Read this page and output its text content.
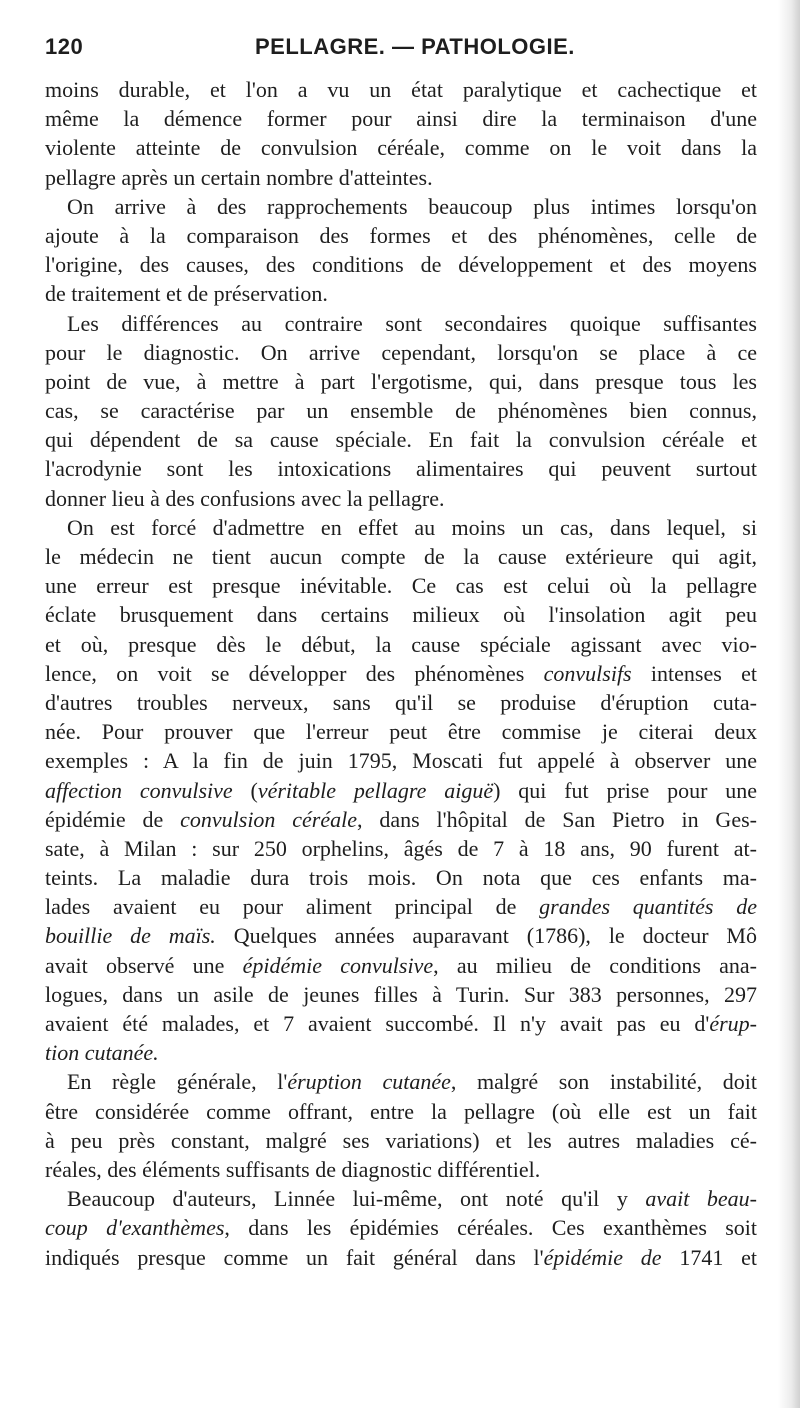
120	PELLAGRE. — PATHOLOGIE.
moins durable, et l'on a vu un état paralytique et cachectique et
même la démence former pour ainsi dire la terminaison d'une
violente atteinte de convulsion céréale, comme on le voit dans la
pellagre après un certain nombre d'atteintes.
On arrive à des rapprochements beaucoup plus intimes lorsqu'on
ajoute à la comparaison des formes et des phénomènes, celle de
l'origine, des causes, des conditions de développement et des moyens
de traitement et de préservation.
Les différences au contraire sont secondaires quoique suffisantes
pour le diagnostic. On arrive cependant, lorsqu'on se place à ce
point de vue, à mettre à part l'ergotisme, qui, dans presque tous les
cas, se caractérise par un ensemble de phénomènes bien connus,
qui dépendent de sa cause spéciale. En fait la convulsion céréale et
l'acrodynie sont les intoxications alimentaires qui peuvent surtout
donner lieu à des confusions avec la pellagre.
On est forcé d'admettre en effet au moins un cas, dans lequel, si
le médecin ne tient aucun compte de la cause extérieure qui agit,
une erreur est presque inévitable. Ce cas est celui où la pellagre
éclate brusquement dans certains milieux où l'insolation agit peu
et où, presque dès le début, la cause spéciale agissant avec vio-
lence, on voit se développer des phénomènes convulsifs intenses et
d'autres troubles nerveux, sans qu'il se produise d'éruption cuta-
née. Pour prouver que l'erreur peut être commise je citerai deux
exemples : A la fin de juin 1795, Moscati fut appelé à observer une
affection convulsive (véritable pellagre aiguë) qui fut prise pour une
épidémie de convulsion céréale, dans l'hôpital de San Pietro in Ges-
sate, à Milan : sur 250 orphelins, âgés de 7 à 18 ans, 90 furent at-
teints. La maladie dura trois mois. On nota que ces enfants ma-
lades avaient eu pour aliment principal de grandes quantités de
bouillie de maïs. Quelques années auparavant (1786), le docteur Mô
avait observé une épidémie convulsive, au milieu de conditions ana-
logues, dans un asile de jeunes filles à Turin. Sur 383 personnes, 297
avaient été malades, et 7 avaient succombé. Il n'y avait pas eu d'érup-
tion cutanée.
En règle générale, l'éruption cutanée, malgré son instabilité, doit
être considérée comme offrant, entre la pellagre (où elle est un fait
à peu près constant, malgré ses variations) et les autres maladies cé-
réales, des éléments suffisants de diagnostic différentiel.
Beaucoup d'auteurs, Linnée lui-même, ont noté qu'il y avait beau-
coup d'exanthèmes, dans les épidémies céréales. Ces exanthèmes soit
indiqués presque comme un fait général dans l'épidémie de 1741 et
